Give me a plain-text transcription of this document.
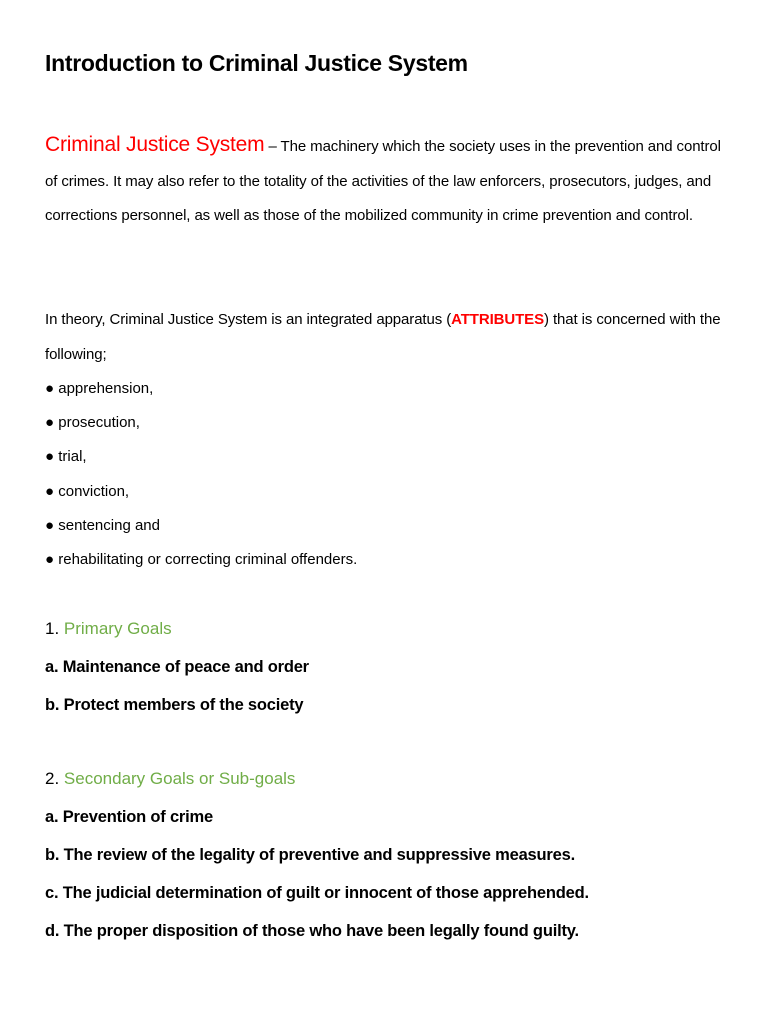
Introduction to Criminal Justice System
Criminal Justice System – The machinery which the society uses in the prevention and control of crimes. It may also refer to the totality of the activities of the law enforcers, prosecutors, judges, and corrections personnel, as well as those of the mobilized community in crime prevention and control.
In theory, Criminal Justice System is an integrated apparatus (ATTRIBUTES) that is concerned with the following;
● apprehension,
● prosecution,
● trial,
● conviction,
● sentencing and
● rehabilitating or correcting criminal offenders.
1. Primary Goals
a. Maintenance of peace and order
b. Protect members of the society
2. Secondary Goals or Sub-goals
a. Prevention of crime
b. The review of the legality of preventive and suppressive measures.
c. The judicial determination of guilt or innocent of those apprehended.
d. The proper disposition of those who have been legally found guilty.
